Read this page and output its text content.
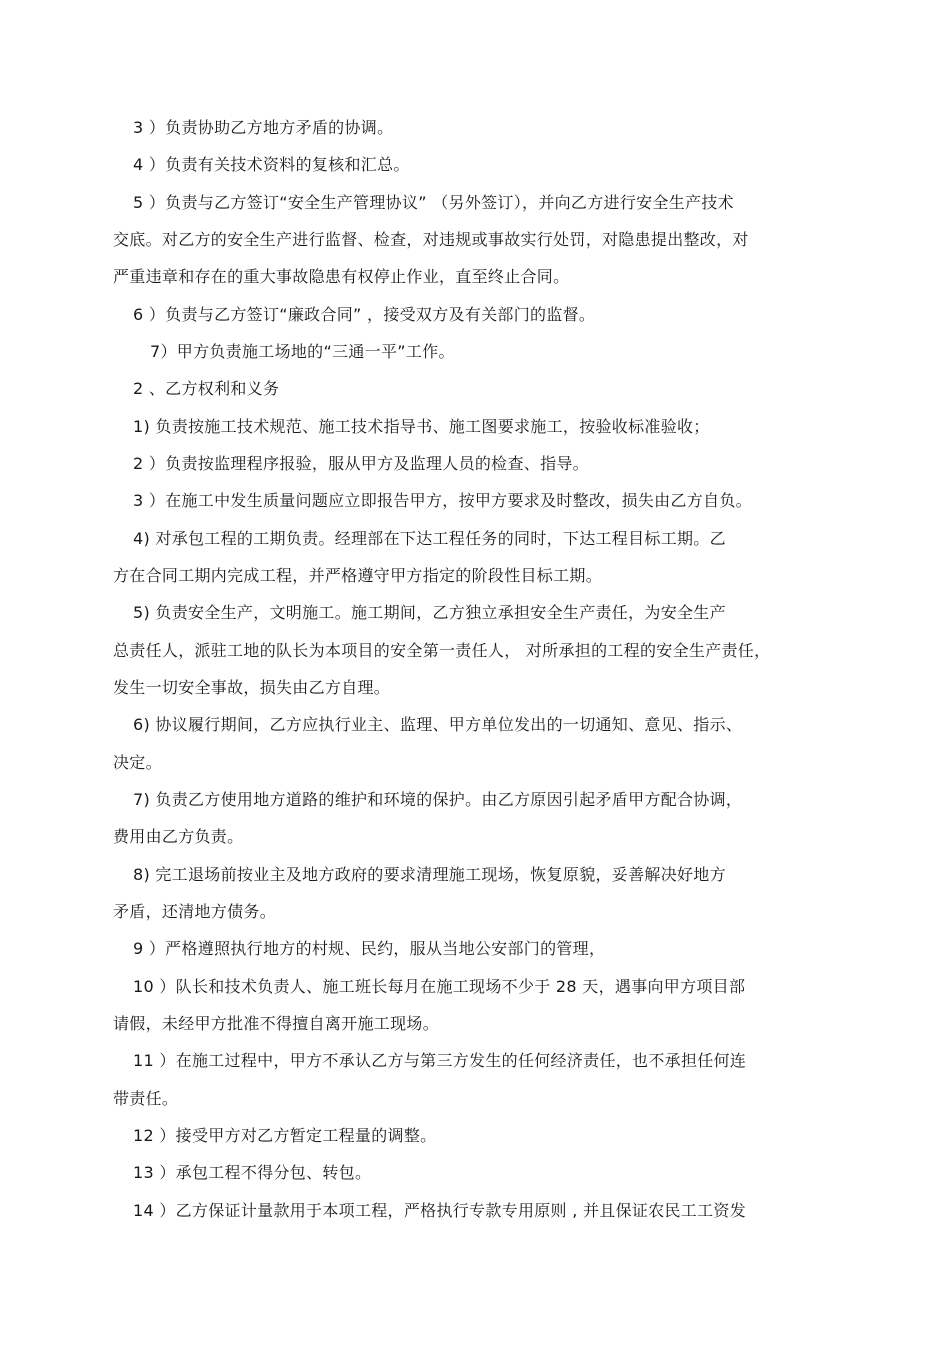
3 ）负责协助乙方地方矛盾的协调。
4 ）负责有关技术资料的复核和汇总。
5 ）负责与乙方签订“安全生产管理协议” （另外签订），并向乙方进行安全生产技术
交底。对乙方的安全生产进行监督、检查，对违规或事故实行处罚，对隐患提出整改，对
严重违章和存在的重大事故隐患有权停止作业，直至终止合同。
6 ）负责与乙方签订“廉政合同” ，接受双方及有关部门的监督。
7）甲方负责施工场地的“三通一平”工作。
2 、乙方权利和义务
1) 负责按施工技术规范、施工技术指导书、施工图要求施工，按验收标准验收；
2 ）负责按监理程序报验，服从甲方及监理人员的检查、指导。
3 ）在施工中发生质量问题应立即报告甲方，按甲方要求及时整改，损失由乙方自负。
4) 对承包工程的工期负责。经理部在下达工程任务的同时，下达工程目标工期。乙
方在合同工期内完成工程，并严格遵守甲方指定的阶段性目标工期。
5) 负责安全生产，文明施工。施工期间，乙方独立承担安全生产责任，为安全生产
总责任人，派驻工地的队长为本项目的安全第一责任人， 对所承担的工程的安全生产责任，
发生一切安全事故，损失由乙方自理。
6) 协议履行期间，乙方应执行业主、监理、甲方单位发出的一切通知、意见、指示、
决定。
7) 负责乙方使用地方道路的维护和环境的保护。由乙方原因引起矛盾甲方配合协调，
费用由乙方负责。
8) 完工退场前按业主及地方政府的要求清理施工现场，恢复原貌，妥善解决好地方
矛盾，还清地方债务。
9 ）严格遵照执行地方的村规、民约，服从当地公安部门的管理，
10 ）队长和技术负责人、施工班长每月在施工现场不少于 28 天，遇事向甲方项目部
请假，未经甲方批准不得擅自离开施工现场。
11 ）在施工过程中，甲方不承认乙方与第三方发生的任何经济责任，也不承担任何连
带责任。
12 ）接受甲方对乙方暂定工程量的调整。
13 ）承包工程不得分包、转包。
14 ）乙方保证计量款用于本项工程，严格执行专款专用原则 , 并且保证农民工工资发
